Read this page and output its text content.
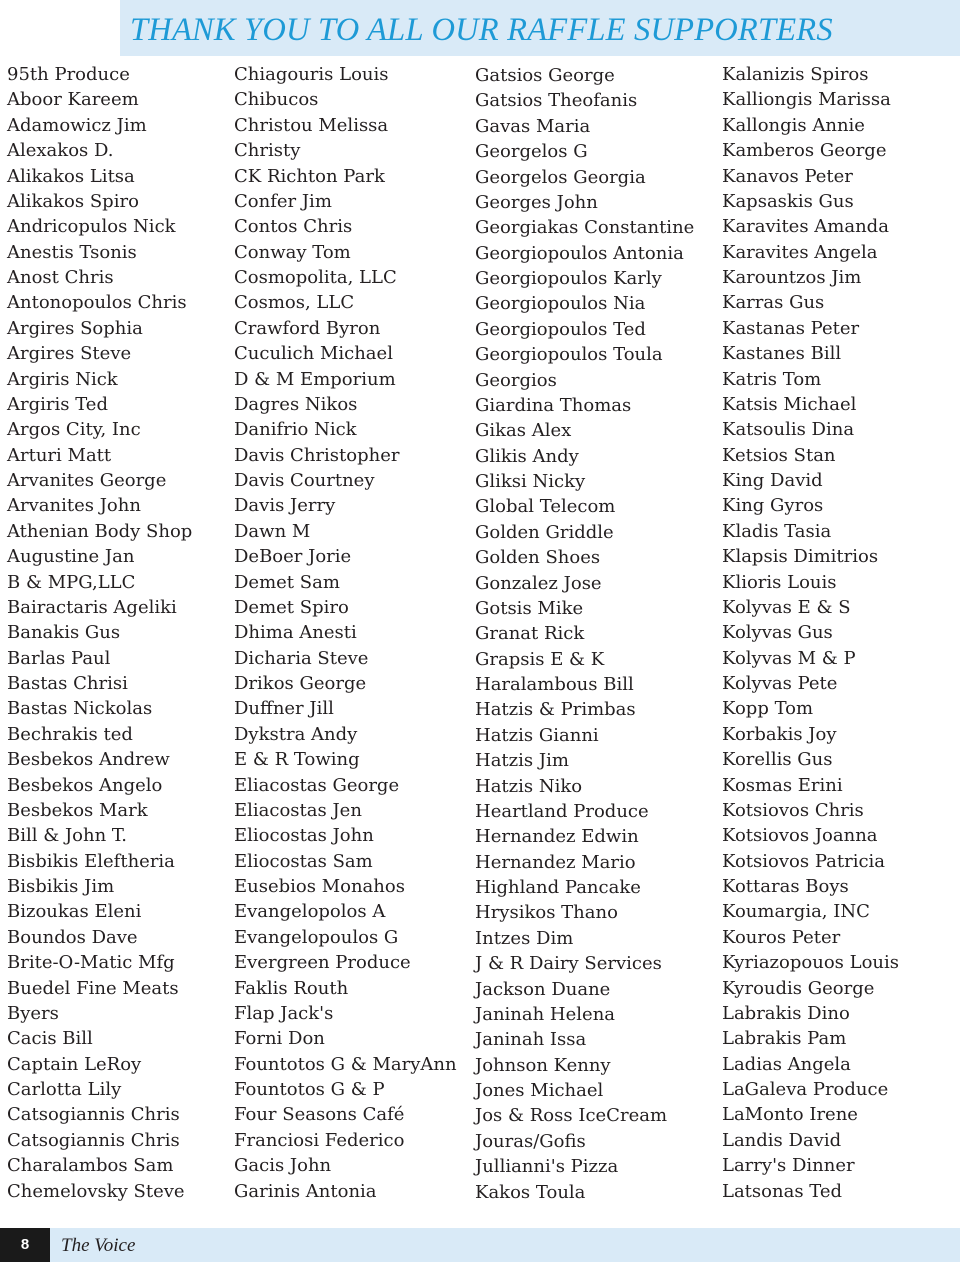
THANK YOU TO ALL OUR RAFFLE SUPPORTERS
95th Produce
Aboor Kareem
Adamowicz Jim
Alexakos D.
Alikakos Litsa
Alikakos Spiro
Andricopulos Nick
Anestis Tsonis
Anost Chris
Antonopoulos Chris
Argires Sophia
Argires Steve
Argiris Nick
Argiris Ted
Argos City, Inc
Arturi Matt
Arvanites George
Arvanites John
Athenian Body Shop
Augustine Jan
B & MPG,LLC
Bairactaris Ageliki
Banakis Gus
Barlas Paul
Bastas Chrisi
Bastas Nickolas
Bechrakis ted
Besbekos Andrew
Besbekos Angelo
Besbekos Mark
Bill & John T.
Bisbikis Eleftheria
Bisbikis Jim
Bizoukas Eleni
Boundos Dave
Brite-O-Matic Mfg
Buedel Fine Meats
Byers
Cacis Bill
Captain LeRoy
Carlotta Lily
Catsogiannis Chris
Catsogiannis Chris
Charalambos Sam
Chemelovsky Steve
Chiagouris Louis
Chibucos
Christou Melissa
Christy
CK Richton Park
Confer Jim
Contos Chris
Conway Tom
Cosmopolita, LLC
Cosmos, LLC
Crawford Byron
Cuculich Michael
D & M Emporium
Dagres Nikos
Danifrio Nick
Davis Christopher
Davis Courtney
Davis Jerry
Dawn M
DeBoer Jorie
Demet Sam
Demet Spiro
Dhima Anesti
Dicharia Steve
Drikos George
Duffner Jill
Dykstra Andy
E & R Towing
Eliacostas George
Eliacostas Jen
Eliocostas John
Eliocostas Sam
Eusebios Monahos
Evangelopolos A
Evangelopoulos G
Evergreen Produce
Faklis Routh
Flap Jack's
Forni Don
Fountotos G & MaryAnn
Fountotos G & P
Four Seasons Café
Franciosi Federico
Gacis John
Garinis Antonia
Gatsios George
Gatsios Theofanis
Gavas Maria
Georgelos G
Georgelos Georgia
Georges John
Georgiakas Constantine
Georgiopoulos Antonia
Georgiopoulos Karly
Georgiopoulos Nia
Georgiopoulos Ted
Georgiopoulos Toula
Georgios
Giardina Thomas
Gikas Alex
Glikis Andy
Gliksi Nicky
Global Telecom
Golden Griddle
Golden Shoes
Gonzalez Jose
Gotsis Mike
Granat Rick
Grapsis E & K
Haralambous Bill
Hatzis & Primbas
Hatzis Gianni
Hatzis Jim
Hatzis Niko
Heartland Produce
Hernandez Edwin
Hernandez Mario
Highland Pancake
Hrysikos Thano
Intzes Dim
J & R Dairy Services
Jackson Duane
Janinah Helena
Janinah Issa
Johnson Kenny
Jones Michael
Jos & Ross IceCream
Jouras/Gofis
Jullianni's Pizza
Kakos Toula
Kalanizis Spiros
Kalliongis Marissa
Kallongis Annie
Kamberos George
Kanavos Peter
Kapsaskis Gus
Karavites Amanda
Karavites Angela
Karountzos Jim
Karras Gus
Kastanas Peter
Kastanes Bill
Katris Tom
Katsis Michael
Katsoulis Dina
Ketsios Stan
King David
King Gyros
Kladis Tasia
Klapsis Dimitrios
Klioris Louis
Kolyvas E & S
Kolyvas Gus
Kolyvas M & P
Kolyvas Pete
Kopp Tom
Korbakis Joy
Korellis Gus
Kosmas Erini
Kotsiovos Chris
Kotsiovos Joanna
Kotsiovos Patricia
Kottaras Boys
Koumargia, INC
Kouros Peter
Kyriazopouos Louis
Kyroudis George
Labrakis Dino
Labrakis Pam
Ladias Angela
LaGaleva Produce
LaMonto Irene
Landis David
Larry's Dinner
Latsonas Ted
8	The Voice
